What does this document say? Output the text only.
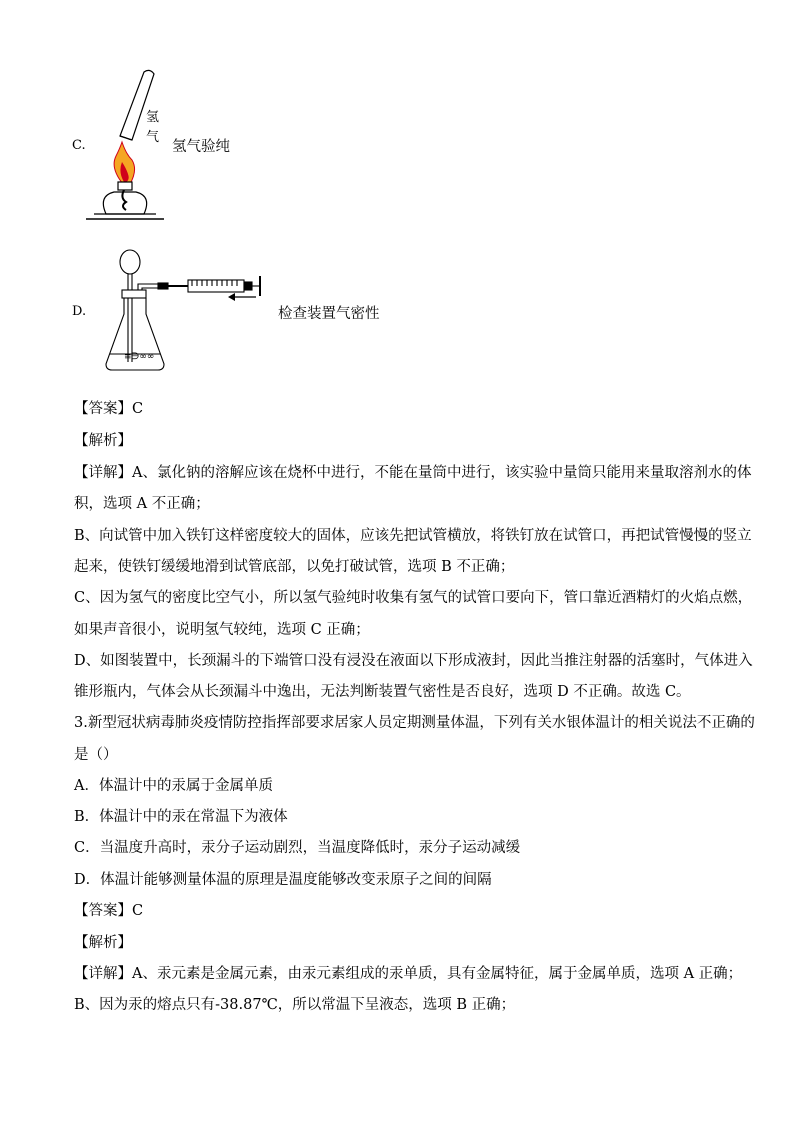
C.
氢
气
氢气验纯
D.
≡∋∞∞
检查装置气密性
【答案】C
【解析】
【详解】A、氯化钠的溶解应该在烧杯中进行，不能在量筒中进行，该实验中量筒只能用来量取溶剂水的体
积，选项 A 不正确；
B、向试管中加入铁钉这样密度较大的固体，应该先把试管横放，将铁钉放在试管口，再把试管慢慢的竖立
起来，使铁钉缓缓地滑到试管底部，以免打破试管，选项 B 不正确；
C、因为氢气的密度比空气小，所以氢气验纯时收集有氢气的试管口要向下，管口靠近酒精灯的火焰点燃，
如果声音很小，说明氢气较纯，选项 C 正确；
D、如图装置中，长颈漏斗的下端管口没有浸没在液面以下形成液封，因此当推注射器的活塞时，气体进入
锥形瓶内，气体会从长颈漏斗中逸出，无法判断装置气密性是否良好，选项 D 不正确。故选 C。
3.新型冠状病毒肺炎疫情防控指挥部要求居家人员定期测量体温，下列有关水银体温计的相关说法不正确的
是（）
A．体温计中的汞属于金属单质
B．体温计中的汞在常温下为液体
C．当温度升高时，汞分子运动剧烈，当温度降低时，汞分子运动减缓
D．体温计能够测量体温的原理是温度能够改变汞原子之间的间隔
【答案】C
【解析】
【详解】A、汞元素是金属元素，由汞元素组成的汞单质，具有金属特征，属于金属单质，选项 A 正确；
B、因为汞的熔点只有-38.87℃，所以常温下呈液态，选项 B 正确；
